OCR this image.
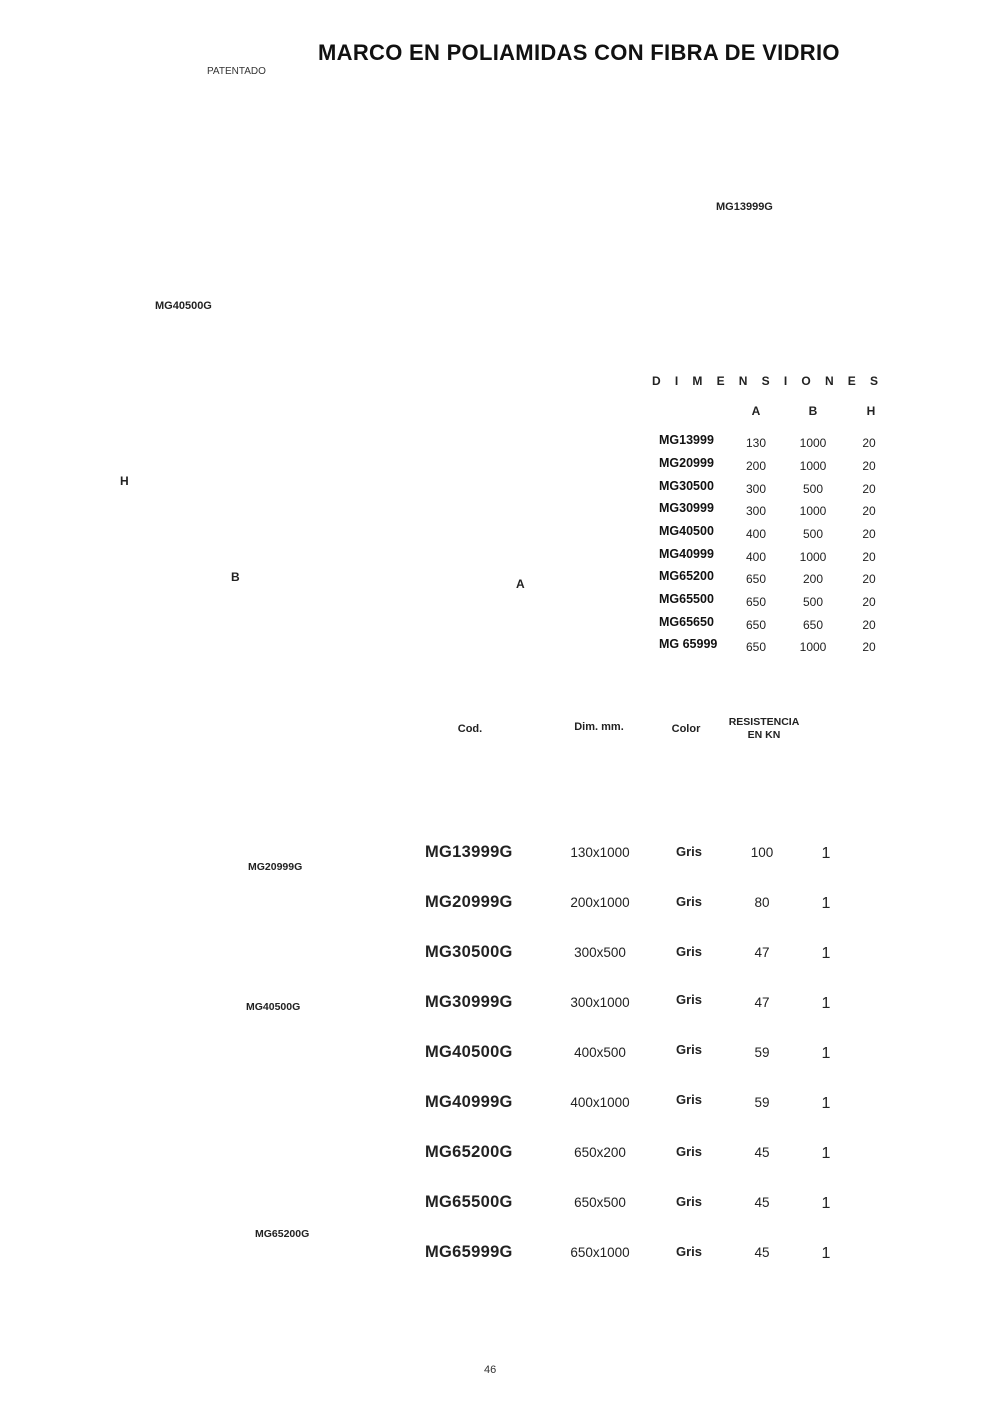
MARCO EN POLIAMIDAS CON FIBRA DE VIDRIO
PATENTADO
MG13999G
MG40500G
MG20999G
MG40500G
MG65200G
H
B	A
DIMENSIONES
A	B	H
MG13999	130	1000	20
MG20999	200	1000	20
MG30500	300	500	20
MG30999	300	1000	20
MG40500	400	500	20
MG40999	400	1000	20
MG65200	650	200	20
MG65500	650	500	20
MG65650	650	650	20
MG 65999	650	1000	20
Cod.	Dim. mm.	Color
RESISTENCIA
EN KN
MG13999G	130x1000	Gris	100	1
MG20999G	200x1000	Gris	80	1
MG30500G	300x500	Gris	47	1
MG30999G	300x1000	Gris	47	1
MG40500G	400x500	Gris	59	1
MG40999G	400x1000	Gris	59	1
MG65200G	650x200	Gris	45	1
MG65500G	650x500	Gris	45	1
MG65999G	650x1000	Gris	45	1
46
